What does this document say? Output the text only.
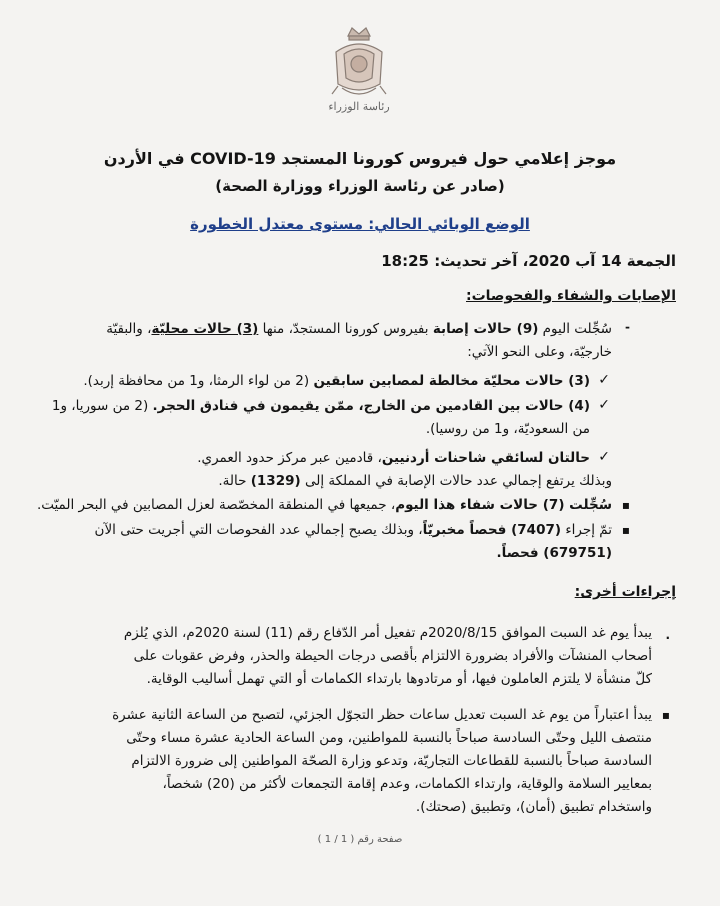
رئاسة الوزراء
موجز إعلامي حول فيروس كورونا المستجد COVID-19 في الأردن
(صادر عن رئاسة الوزراء ووزارة الصحة)
الوضع الوبائي الحالي: مستوى معتدل الخطورة
الجمعة 14 آب 2020، آخر تحديث: 18:25
الإصابات والشفاء والفحوصات:
-
سُجِّلت اليوم (9) حالات إصابة بفيروس كورونا المستجدّ، منها (3) حالات محليّة، والبقيّة
خارجيّة، وعلى النحو الآتي:
✓
(3) حالات محليّة مخالطة لمصابين سابقين (2 من لواء الرمثا، و1 من محافظة إربد).
✓
(4) حالات بين القادمين من الخارج، ممّن يقيمون في فنادق الحجر. (2 من سوريا، و1
من السعوديّة، و1 من روسيا).
✓
حالتان لسائقي شاحنات أردنيين، قادمين عبر مركز حدود العمري.
وبذلك يرتفع إجمالي عدد حالات الإصابة في المملكة إلى (1329) حالة.
▪
سُجِّلت (7) حالات شفاء هذا اليوم، جميعها في المنطقة المخصّصة لعزل المصابين في البحر الميّت.
▪
تمّ إجراء (7407) فحصاً مخبريّاً، وبذلك يصبح إجمالي عدد الفحوصات التي أجريت حتى الآن
(679751) فحصاً.
إجراءات أخرى:
.
يبدأ يوم غد السبت الموافق 2020/8/15م تفعيل أمر الدّفاع رقم (11) لسنة 2020م، الذي يُلزم
أصحاب المنشآت والأفراد بضرورة الالتزام بأقصى درجات الحيطة والحذر، وفرض عقوبات على
كلّ منشأة لا يلتزم العاملون فيها، أو مرتادوها بارتداء الكمامات أو التي تهمل أساليب الوقاية.
▪
يبدأ اعتباراً من يوم غد السبت تعديل ساعات حظر التجوّل الجزئي، لتصبح من الساعة الثانية عشرة
منتصف الليل وحتّى السادسة صباحاً بالنسبة للمواطنين، ومن الساعة الحادية عشرة مساء وحتّى
السادسة صباحاً بالنسبة للقطاعات التجاريّة، وتدعو وزارة الصحّة المواطنين إلى ضرورة الالتزام
بمعايير السلامة والوقاية، وارتداء الكمامات، وعدم إقامة التجمعات لأكثر من (20) شخصاً،
واستخدام تطبيق (أمان)، وتطبيق (صحتك).
صفحة رقم ( 1 / 1 )
